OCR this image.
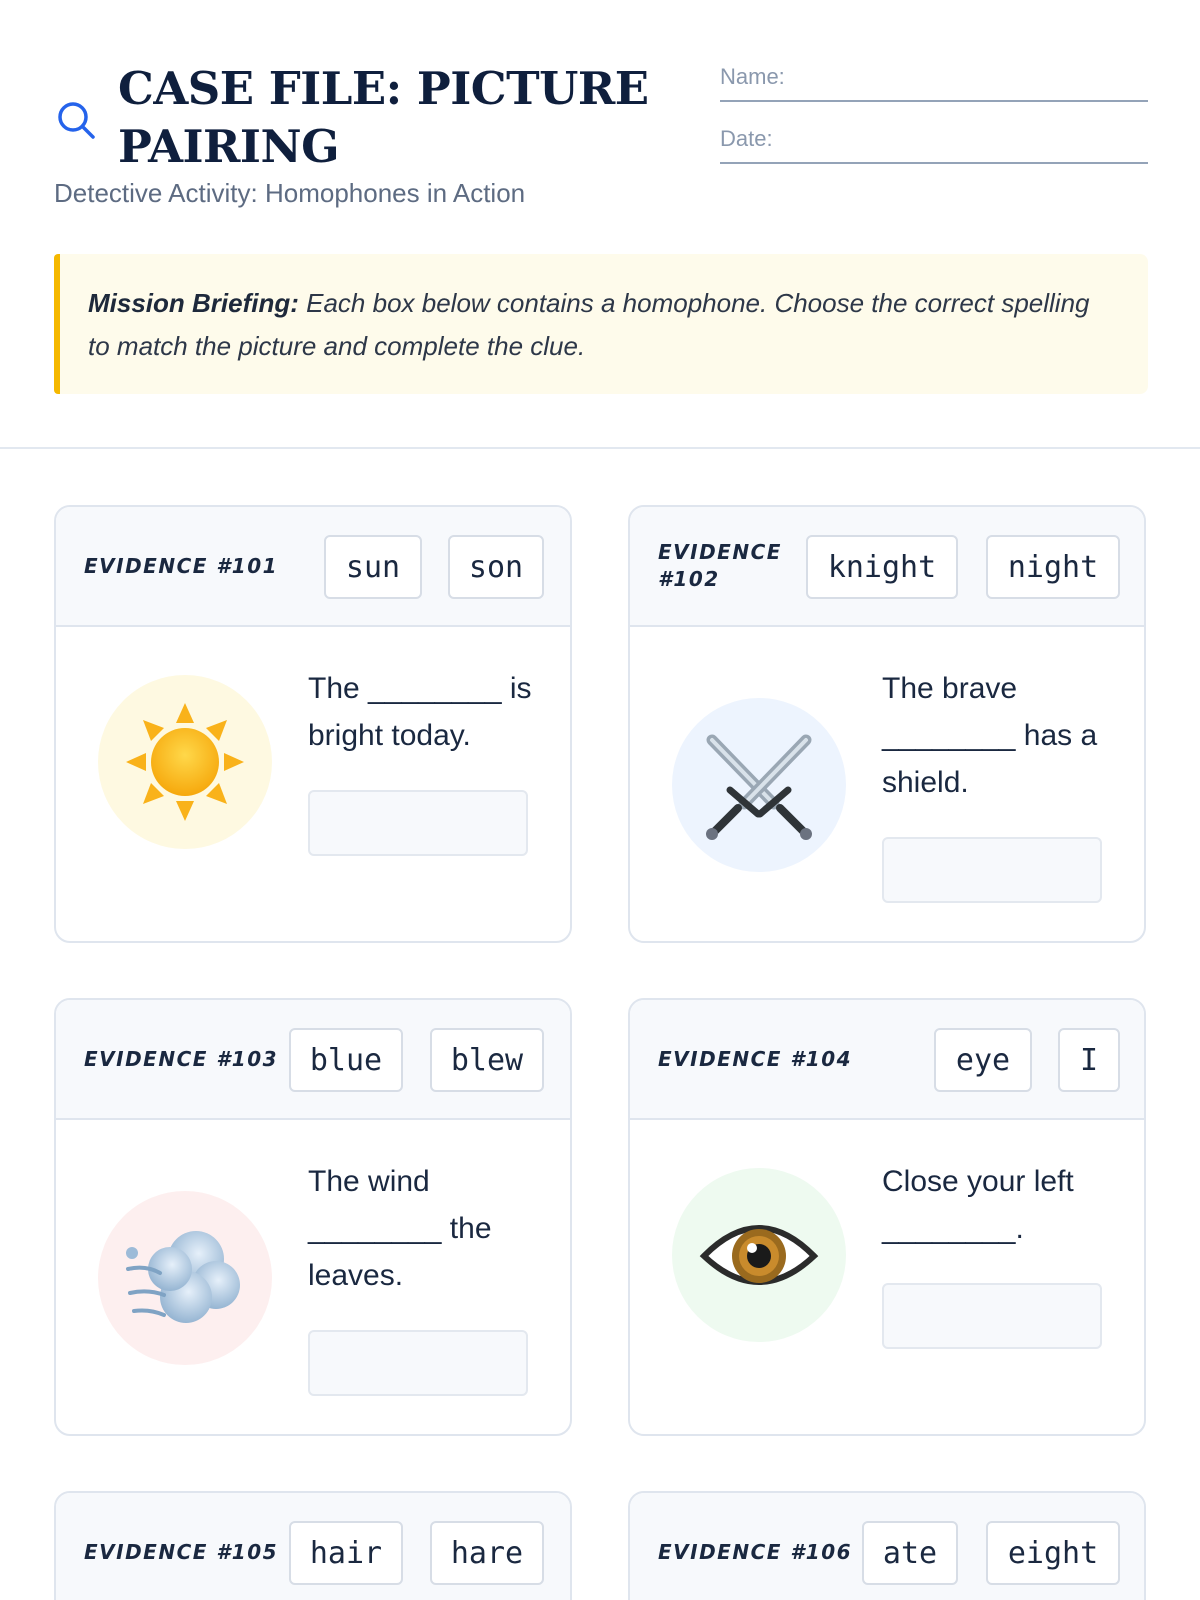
CASE FILE: PICTURE PAIRING
Detective Activity: Homophones in Action
Name:
Date:
Mission Briefing: Each box below contains a homophone. Choose the correct spelling to match the picture and complete the clue.
EVIDENCE #101	sun	son
The ________ is bright today.
EVIDENCE #102	knight	night
The brave ________ has a shield.
EVIDENCE #103	blue	blew
The wind ________ the leaves.
EVIDENCE #104	eye	I
Close your left ________.
EVIDENCE #105	hair	hare	EVIDENCE #106	ate	eight
